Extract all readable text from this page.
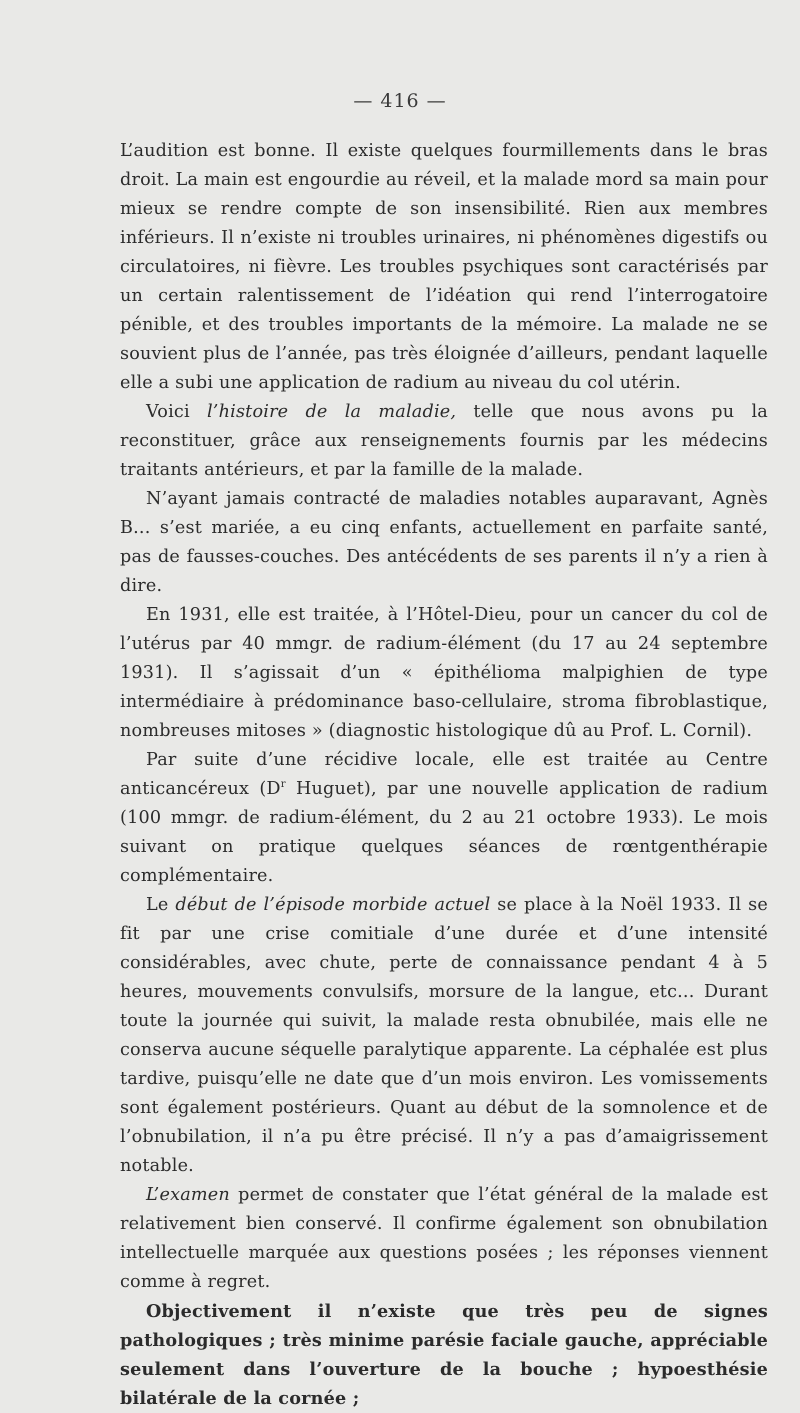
— 416 —

L’audition est bonne. Il existe quelques fourmillements dans le bras droit. La main est engourdie au réveil, et la malade mord sa main pour mieux se rendre compte de son insensibilité. Rien aux membres inférieurs. Il n’existe ni troubles urinaires, ni phénomènes digestifs ou circulatoires, ni fièvre. Les troubles psychiques sont caractérisés par un certain ralentissement de l’idéation qui rend l’interrogatoire pénible, et des troubles importants de la mémoire. La malade ne se souvient plus de l’année, pas très éloignée d’ailleurs, pendant laquelle elle a subi une application de radium au niveau du col utérin.

Voici l’histoire de la maladie, telle que nous avons pu la reconstituer, grâce aux renseignements fournis par les médecins traitants antérieurs, et par la famille de la malade.

N’ayant jamais contracté de maladies notables auparavant, Agnès B... s’est mariée, a eu cinq enfants, actuellement en parfaite santé, pas de fausses-couches. Des antécédents de ses parents il n’y a rien à dire.

En 1931, elle est traitée, à l’Hôtel-Dieu, pour un cancer du col de l’utérus par 40 mmgr. de radium-élément (du 17 au 24 septembre 1931). Il s’agissait d’un « épithélioma malpighien de type intermédiaire à prédominance baso-cellulaire, stroma fibroblastique, nombreuses mitoses » (diagnostic histologique dû au Prof. L. Cornil).

Par suite d’une récidive locale, elle est traitée au Centre anticancéreux ($D^r$ Huguet), par une nouvelle application de radium (100 mmgr. de radium-élément, du 2 au 21 octobre 1933). Le mois suivant on pratique quelques séances de rœntgenthérapie complémentaire.

Le début de l’épisode morbide actuel se place à la Noël 1933. Il se fit par une crise comitiale d’une durée et d’une intensité considérables, avec chute, perte de connaissance pendant 4 à 5 heures, mouvements convulsifs, morsure de la langue, etc... Durant toute la journée qui suivit, la malade resta obnubilée, mais elle ne conserva aucune séquelle paralytique apparente. La céphalée est plus tardive, puisqu’elle ne date que d’un mois environ. Les vomissements sont également postérieurs. Quant au début de la somnolence et de l’obnubilation, il n’a pu être précisé. Il n’y a pas d’amaigrissement notable.

L’examen permet de constater que l’état général de la malade est relativement bien conservé. Il confirme également son obnubilation intellectuelle marquée aux questions posées ; les réponses viennent comme à regret.

Objectivement il n’existe que très peu de signes pathologiques ; très minime parésie faciale gauche, appréciable seulement dans l’ouverture de la bouche ; hypoesthésie bilatérale de la cornée ;
